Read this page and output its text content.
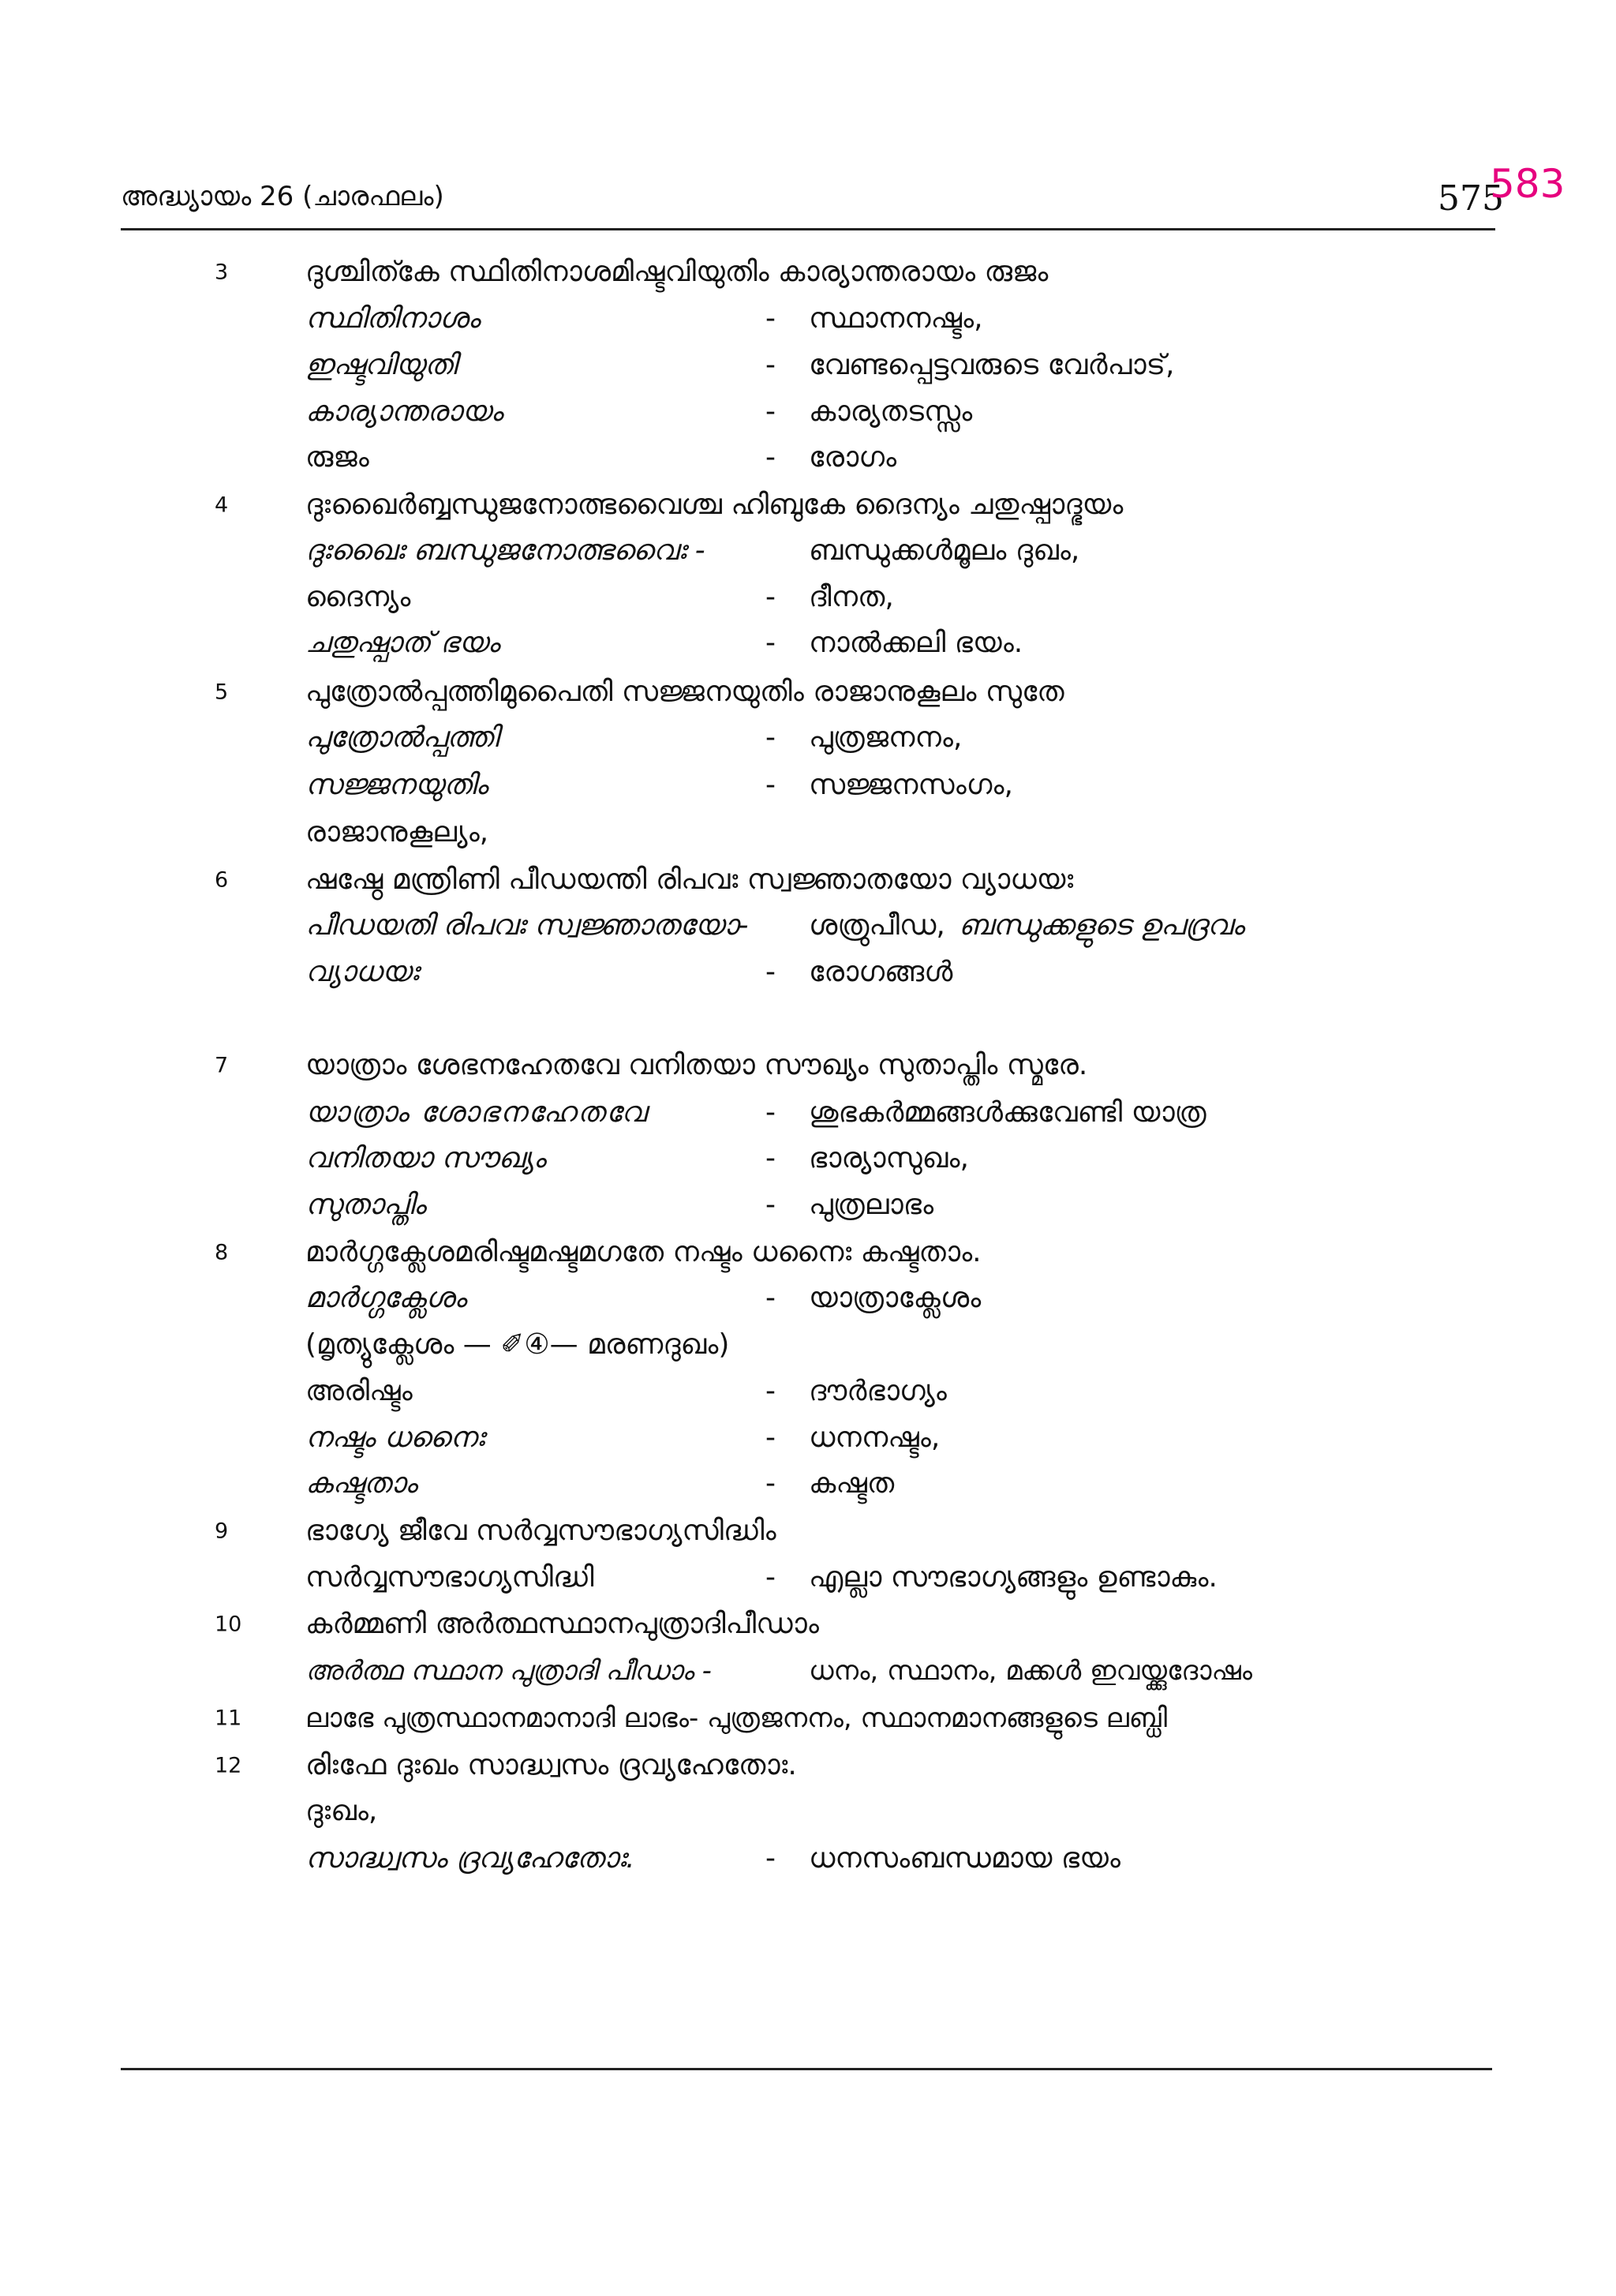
അദ്ധ്യായം 26 (ചാരഫലം)	575
583
3	ദുശ്ചിത്കേ സ്ഥിതിനാശമിഷ്ടവിയുതിം കാര്യാന്തരായം രുജം
സ്ഥിതിനാശം	- സ്ഥാനനഷ്ടം,
ഇഷ്ടവിയുതി	- വേണ്ടപ്പെട്ടവരുടെ വേർപാട്,
കാര്യാന്തരായം	- കാര്യതടസ്സം
രുജം	- രോഗം
4	ദുഃഖൈർബ്ബന്ധുജനോത്ഭവൈശ്ച ഹിബുകേ ദൈന്യം ചതുഷ്പാദ്ഭയം
ദുഃഖൈഃ ബന്ധുജനോത്ഭവൈഃ -	ബന്ധുക്കൾമൂലം ദുഖം,
ദൈന്യം	- ദീനത,
ചതുഷ്പാത് ഭയം	- നാൽക്കലി ഭയം.
5	പുത്രോൽപ്പത്തിമുപൈതി സജ്ജനയുതിം രാജാനുകൂലം സുതേ
പുത്രോൽപ്പത്തി	- പുത്രജനനം,
സജ്ജനയുതിം	- സജ്ജനസംഗം,
രാജാനുകൂല്യം,
6	ഷഷ്ഠേ മന്ത്രിണി പീഡയന്തി രിപവഃ സ്വജ്ഞാതയോ വ്യാധയഃ
പീഡയതി രിപവഃ സ്വജ്ഞാതയോ- ശത്രുപീഡ, ബന്ധുക്കളുടെ ഉപദ്രവം
വ്യാധയഃ	- രോഗങ്ങൾ
7	യാത്രാം ശേഭനഹേതവേ വനിതയാ സൗഖ്യം സുതാപ്തിം സ്മരേ.
യാത്രാം ശോഭനഹേതവേ	- ശുഭകർമ്മങ്ങൾക്കുവേണ്ടി യാത്ര
വനിതയാ സൗഖ്യം	- ഭാര്യാസുഖം,
സുതാപ്തിം	- പുത്രലാഭം
8	മാർഗ്ഗക്ലേശമരിഷ്ടമഷ്ടമഗതേ നഷ്ടം ധനൈഃ കഷ്ടതാം.
മാർഗ്ഗക്ലേശം	- യാത്രാക്ലേശം
(മൃത്യുക്ലേശം — ✐④— മരണദുഖം)
അരിഷ്ടം	- ദൗർഭാഗ്യം
നഷ്ടം ധനൈഃ	- ധനനഷ്ടം,
കഷ്ടതാം	- കഷ്ടത
9	ഭാഗ്യേ ജീവേ സർവ്വസൗഭാഗ്യസിദ്ധിം
സർവ്വസൗഭാഗ്യസിദ്ധി	- എല്ലാ സൗഭാഗ്യങ്ങളും ഉണ്ടാകും.
10 കർമ്മണി അർത്ഥസ്ഥാനപുത്രാദിപീഡാം
അർത്ഥ സ്ഥാന പുത്രാദി പീഡാം -	ധനം, സ്ഥാനം, മക്കൾ ഇവയ്ക്കുദോഷം
11 ലാഭേ പുത്രസ്ഥാനമാനാദി ലാഭം- പുത്രജനനം, സ്ഥാനമാനങ്ങളുടെ ലബ്ധി
12 രിഃഫേ ദുഃഖം സാദ്ധ്വസം ദ്രവ്യഹേതോഃ.
ദുഃഖം,
സാദ്ധ്വസം ദ്രവ്യഹേതോഃ.	- ധനസംബന്ധമായ ഭയം
